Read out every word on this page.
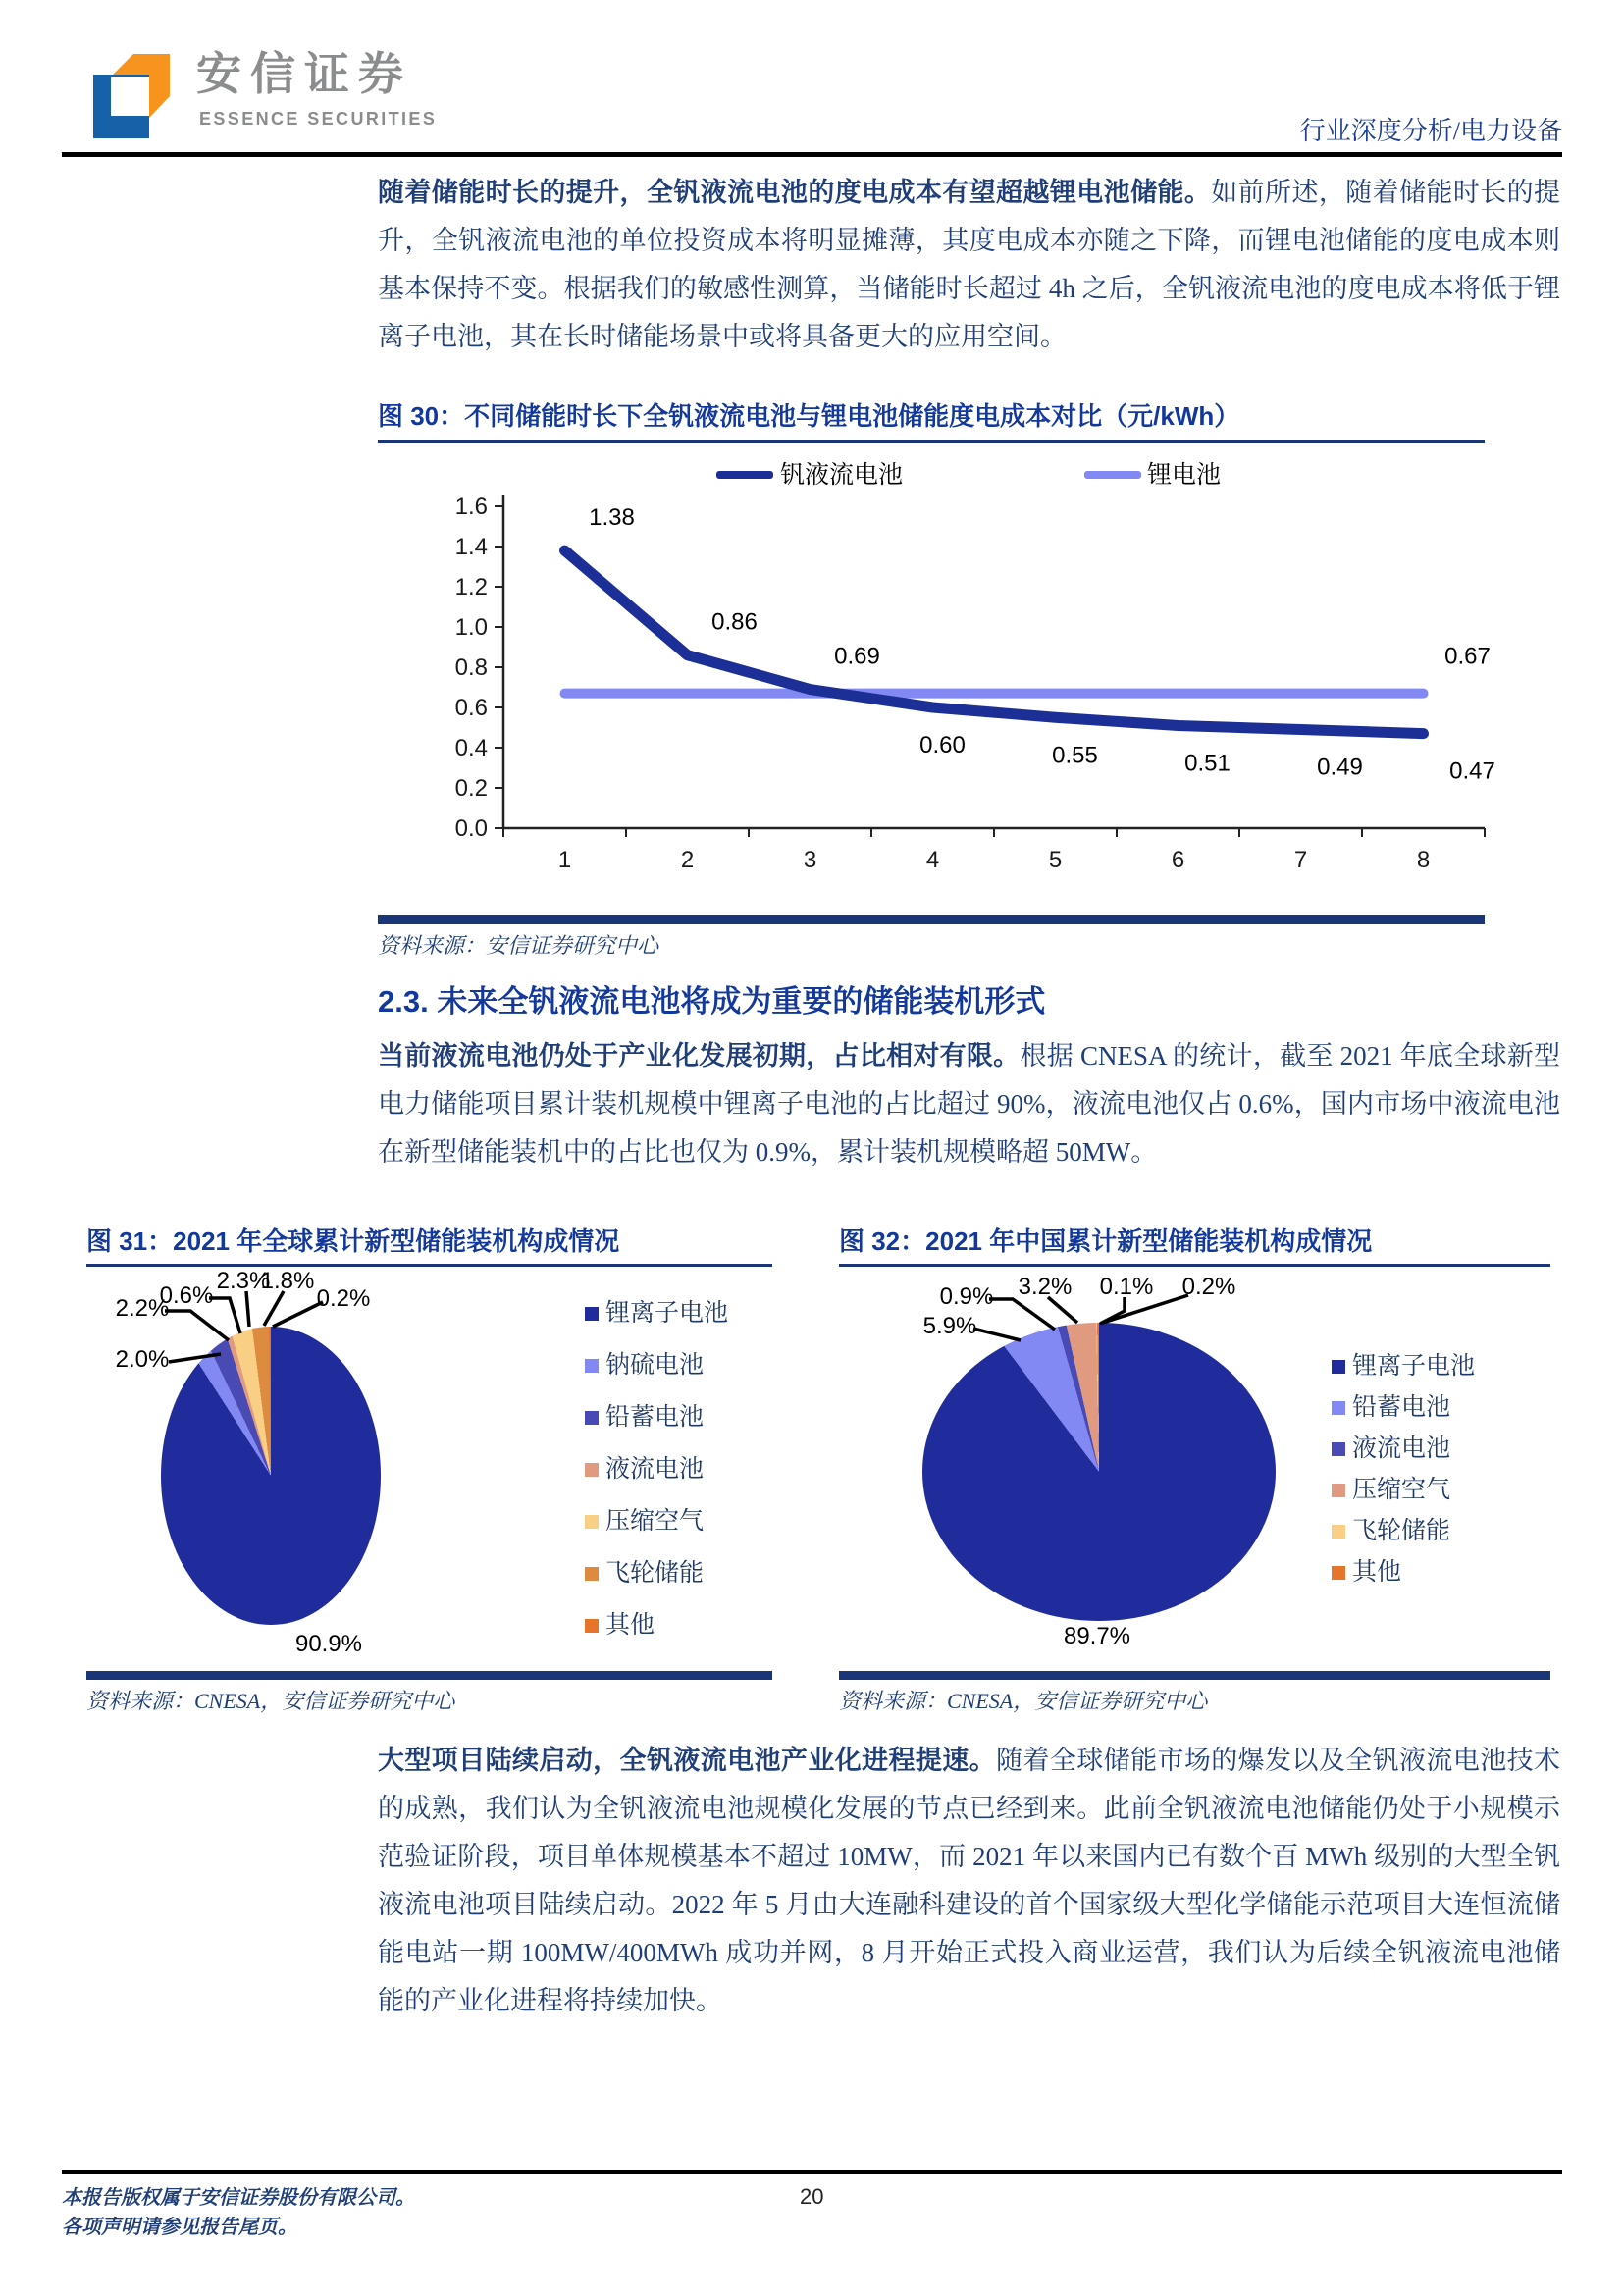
安信证券
ESSENCE SECURITIES	行业深度分析/电力设备

随着储能时长的提升，全钒液流电池的度电成本有望超越锂电池储能。如前所述，随着储能时长的提升，全钒液流电池的单位投资成本将明显摊薄，其度电成本亦随之下降，而锂电池储能的度电成本则基本保持不变。根据我们的敏感性测算，当储能时长超过 4h 之后，全钒液流电池的度电成本将低于锂离子电池，其在长时储能场景中或将具备更大的应用空间。

图 30：不同储能时长下全钒液流电池与锂电池储能度电成本对比（元/kWh）
钒液流电池	锂电池
0.0
0.2
0.4
0.6
0.8
1.0
1.2
1.4
1.6
1	2	3	4	5	6	7	8
1.38
0.86
0.69
0.60	0.55	0.51	0.49	0.47
0.67
资料来源：安信证券研究中心
2.3. 未来全钒液流电池将成为重要的储能装机形式

当前液流电池仍处于产业化发展初期，占比相对有限。根据 CNESA 的统计，截至 2021 年底全球新型电力储能项目累计装机规模中锂离子电池的占比超过 90%，液流电池仅占 0.6%，国内市场中液流电池在新型储能装机中的占比也仅为 0.9%，累计装机规模略超 50MW。

图 31：2021 年全球累计新型储能装机构成情况
锂离子电池
钠硫电池
铅蓄电池
液流电池
压缩空气
飞轮储能
其他
2.2%
0.6%
2.3%
1.8%
0.2%
2.0%
90.9%
资料来源：CNESA，安信证券研究中心
图 32：2021 年中国累计新型储能装机构成情况
锂离子电池
铅蓄电池
液流电池
压缩空气
飞轮储能
其他
0.9%
5.9%
3.2% 0.1% 0.2%
89.7%
资料来源：CNESA，安信证券研究中心

大型项目陆续启动，全钒液流电池产业化进程提速。随着全球储能市场的爆发以及全钒液流电池技术的成熟，我们认为全钒液流电池规模化发展的节点已经到来。此前全钒液流电池储能仍处于小规模示范验证阶段，项目单体规模基本不超过 10MW，而 2021 年以来国内已有数个百 MWh 级别的大型全钒液流电池项目陆续启动。2022 年 5 月由大连融科建设的首个国家级大型化学储能示范项目大连恒流储能电站一期 100MW/400MWh 成功并网，8 月开始正式投入商业运营，我们认为后续全钒液流电池储能的产业化进程将持续加快。

本报告版权属于安信证券股份有限公司。
各项声明请参见报告尾页。
20
